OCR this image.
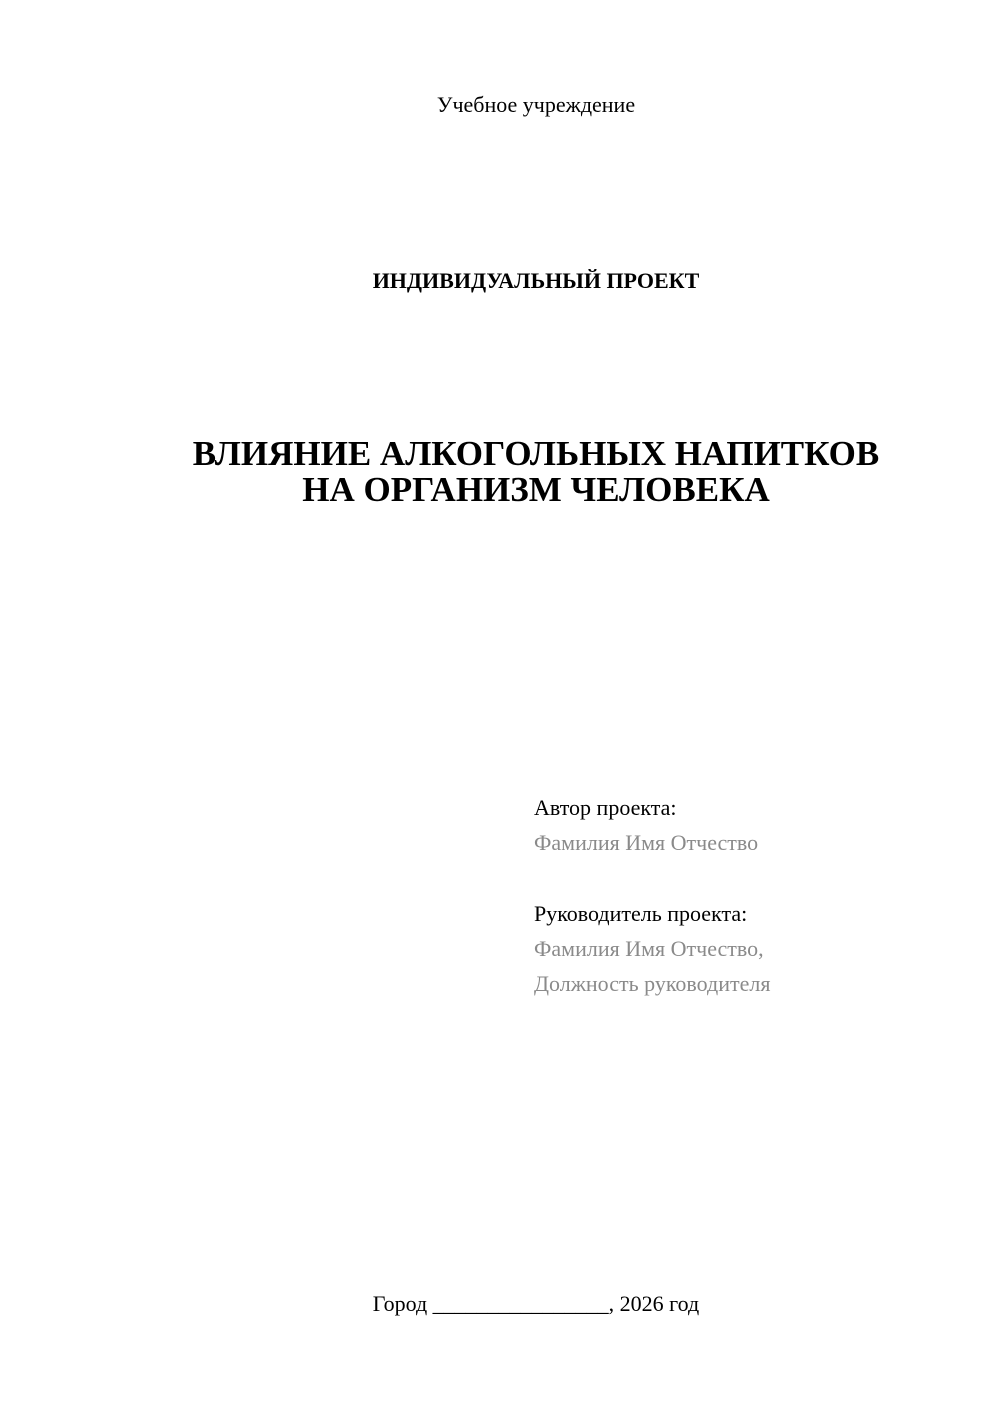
Учебное учреждение
ИНДИВИДУАЛЬНЫЙ ПРОЕКТ
ВЛИЯНИЕ АЛКОГОЛЬНЫХ НАПИТКОВ
НА ОРГАНИЗМ ЧЕЛОВЕКА
Автор проекта:
Фамилия Имя Отчество
Руководитель проекта:
Фамилия Имя Отчество,
Должность руководителя
Город ________________, 2026 год
